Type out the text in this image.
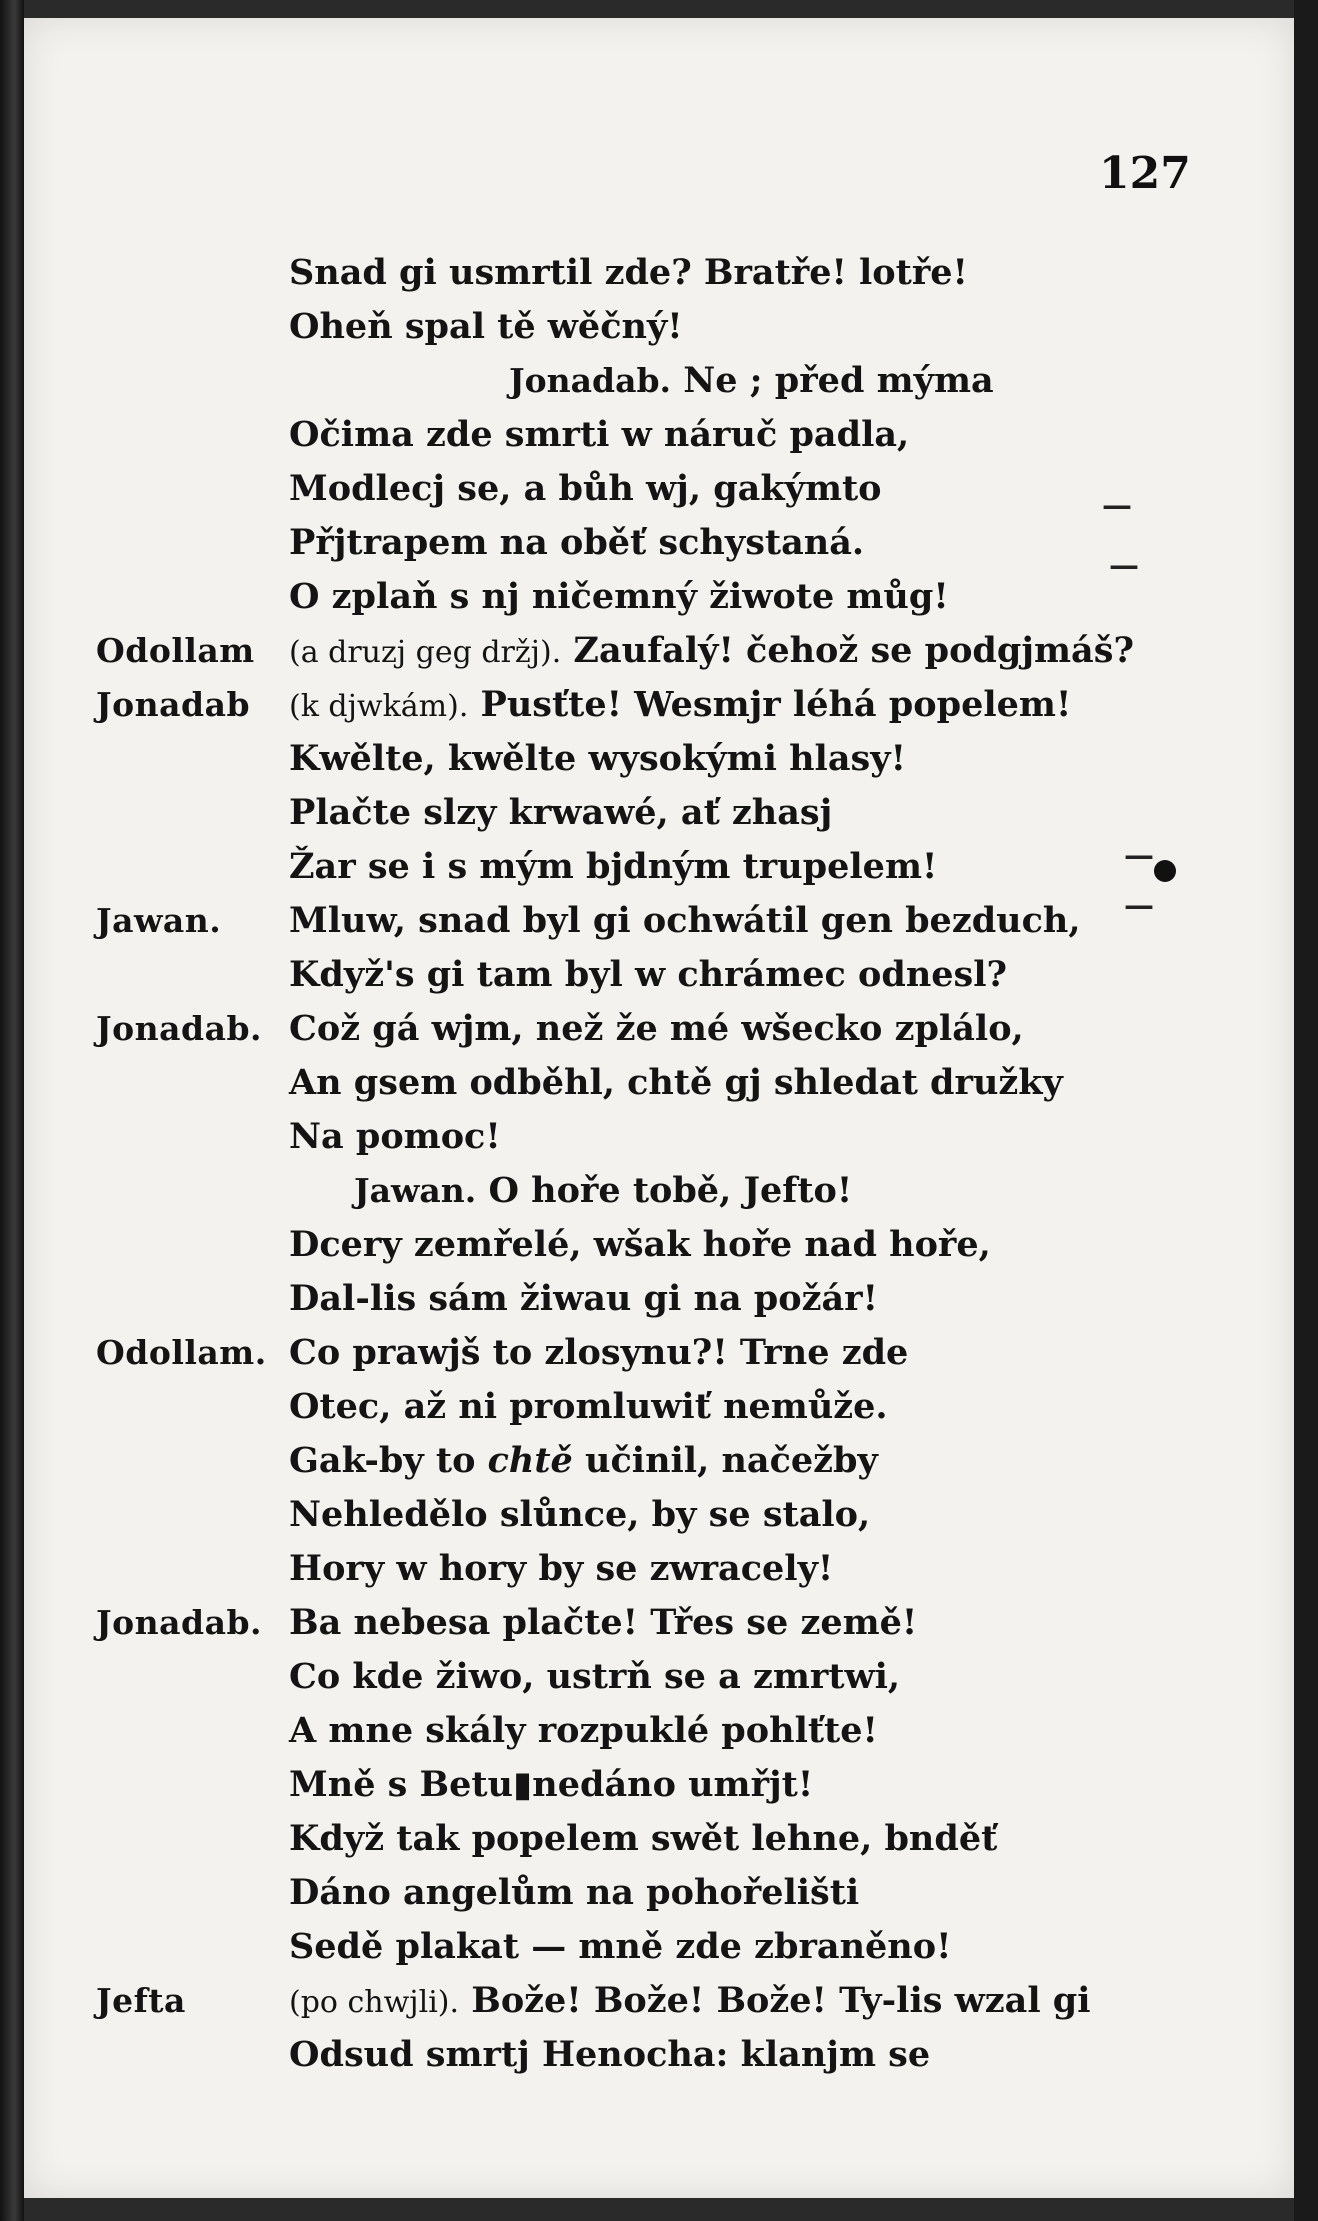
127
Snad gi usmrtil zde? Bratře! lotře!
Oheň spal tě wěčný!
Jonadab. Ne ; před mýma
Očima zde smrti w náruč padla,
Modlecj se, a bůh wj, gakýmto
Přjtrapem na oběť schystaná.
O zplaň s nj ničemný žiwote můg!
Odollam (a druzj geg držj). Zaufalý! čehož se podgjmáš?
Jonadab (k djwkám). Pusťte! Wesmjr léhá popelem!
Kwělte, kwělte wysokými hlasy!
Plačte slzy krwawé, ať zhasj
Žar se i s mým bjdným trupelem!
Jawan. Mluw, snad byl gi ochwátil gen bezduch,
Když's gi tam byl w chrámec odnesl?
Jonadab. Což gá wjm, než že mé wšecko zplálo,
An gsem odběhl, chtě gj shledat družky
Na pomoc!
Jawan. O hoře tobě, Jefto!
Dcery zemřelé, wšak hoře nad hoře,
Dal-lis sám žiwau gi na požár!
Odollam. Co prawjš to zlosynu?! Trne zde
Otec, až ni promluwiť nemůže.
Gak-by to chtě učinil, načežby
Nehledělo slůnce, by se stalo,
Hory w hory by se zwracely!
Jonadab. Ba nebesa plačte! Třes se země!
Co kde žiwo, ustrň se a zmrtwi,
A mne skály rozpuklé pohlťte!
Mně s Betu▮nedáno umřjt!
Když tak popelem swět lehne, bnděť
Dáno angelům na pohořelišti
Sedě plakat — mně zde zbraněno!
Jefta	(po chwjli). Bože! Bože! Bože! Ty-lis wzal gi
Odsud smrtj Henocha: klanjm se
—
—
—
—
